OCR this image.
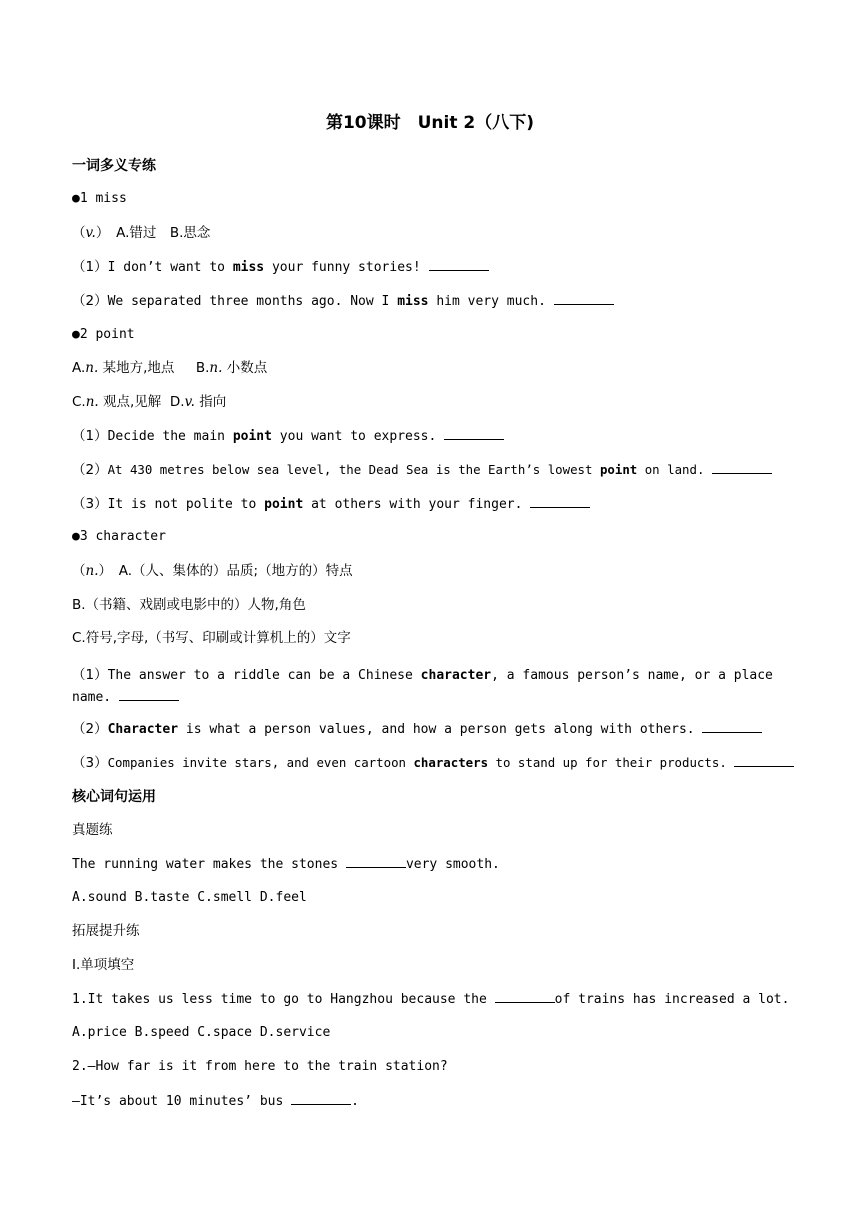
第10课时　Unit 2（八下)
一词多义专练
●1 miss
（v.）　A.错过　B.思念
（1）I don’t want to miss your funny stories!
（2）We separated three months ago. Now I miss him very much.
●2 point
A.n. 某地方,地点 B.n. 小数点
C.n. 观点,见解 D.v. 指向
（1）Decide the main point you want to express.
（2）At 430 metres below sea level, the Dead Sea is the Earth’s lowest point on land.
（3）It is not polite to point at others with your finger.
●3 character
（n.）　A.（人、集体的）品质;（地方的）特点
B.（书籍、戏剧或电影中的）人物,角色
C.符号,字母,（书写、印刷或计算机上的）文字
（1）The answer to a riddle can be a Chinese character, a famous person’s name, or a place name.
（2）Character is what a person values, and how a person gets along with others.
（3）Companies invite stars, and even cartoon characters to stand up for their products.
核心词句运用
真题练
The running water makes the stones	very smooth.
A.sound B.taste C.smell D.feel
拓展提升练
Ⅰ.单项填空
1.It takes us less time to go to Hangzhou because the	of trains has increased a lot.
A.price B.speed C.space D.service
2.—How far is it from here to the train station?
—It’s about 10 minutes’ bus	.
